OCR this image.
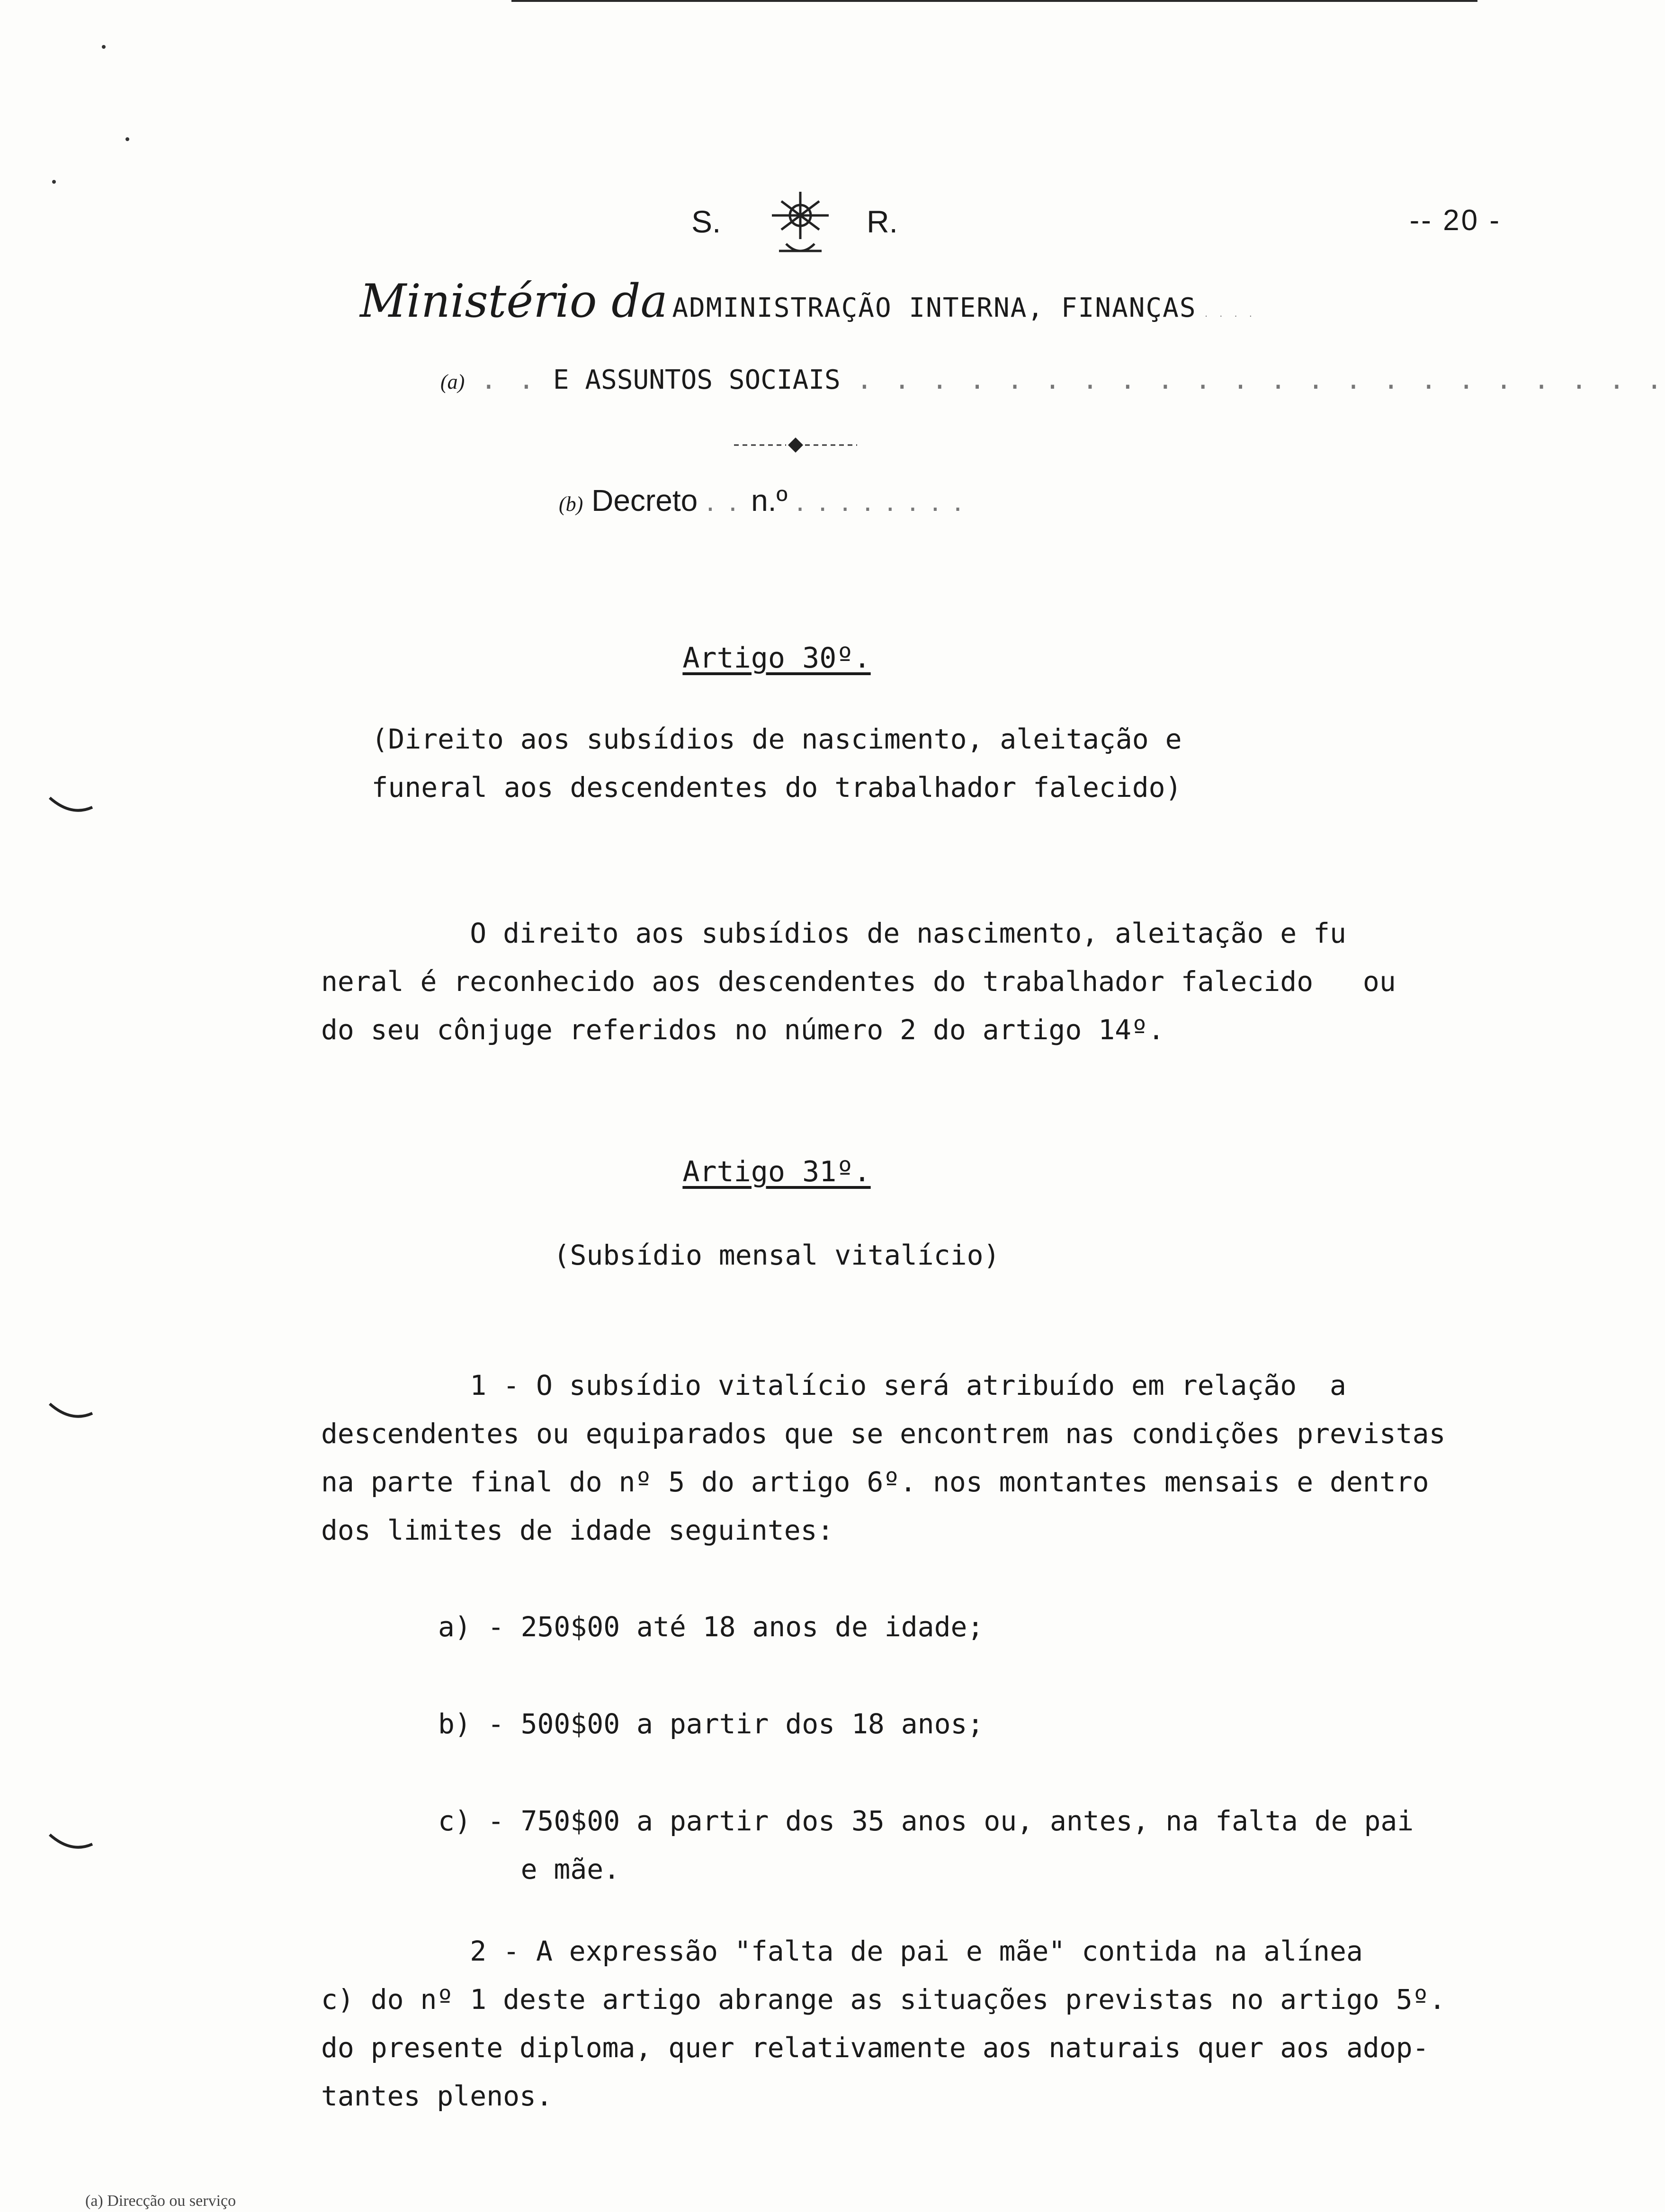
S.	R.	-- 20 -
Ministério da ADMINISTRAÇÃO INTERNA, FINANÇAS . . . .
(a) . . E ASSUNTOS SOCIAIS . . . . . . . . . . . . . . . . . . . . . .
(b) Decreto . . n.º . . . . . . . .
Artigo 30º.
(Direito aos subsídios de nascimento, aleitação e
funeral aos descendentes do trabalhador falecido)
O direito aos subsídios de nascimento, aleitação e fu
neral é reconhecido aos descendentes do trabalhador falecido   ou
do seu cônjuge referidos no número 2 do artigo 14º.
Artigo 31º.
(Subsídio mensal vitalício)
1 - O subsídio vitalício será atribuído em relação  a
descendentes ou equiparados que se encontrem nas condições previstas
na parte final do nº 5 do artigo 6º. nos montantes mensais e dentro
dos limites de idade seguintes:
a) - 250$00 até 18 anos de idade;
b) - 500$00 a partir dos 18 anos;
c) - 750$00 a partir dos 35 anos ou, antes, na falta de pai
e mãe.
2 - A expressão "falta de pai e mãe" contida na alínea
c) do nº 1 deste artigo abrange as situações previstas no artigo 5º.
do presente diploma, quer relativamente aos naturais quer aos adop-
tantes plenos.
(a) Direcção ou serviço
